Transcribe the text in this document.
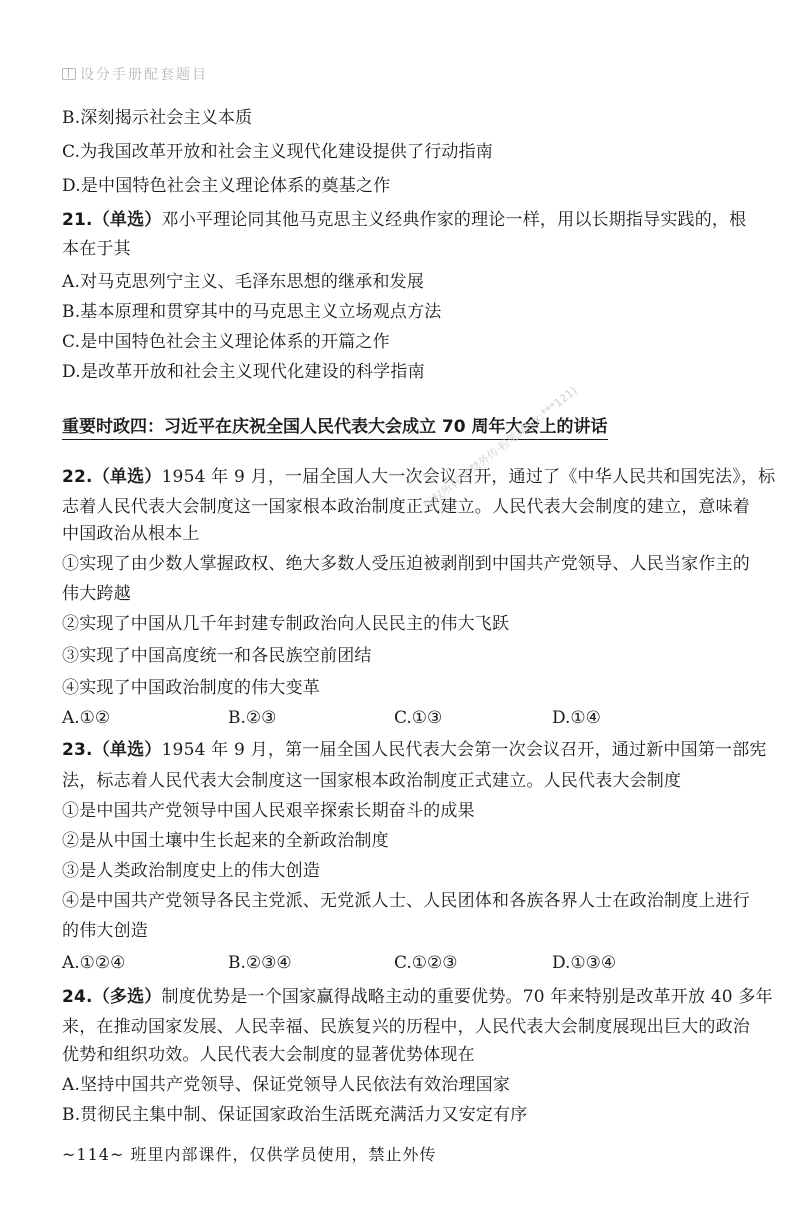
设分手册配套题目
B.深刻揭示社会主义本质
C.为我国改革开放和社会主义现代化建设提供了行动指南
D.是中国特色社会主义理论体系的奠基之作
21.（单选）邓小平理论同其他马克思主义经典作家的理论一样，用以长期指导实践的，根
本在于其
A.对马克思列宁主义、毛泽东思想的继承和发展
B.基本原理和贯穿其中的马克思主义立场观点方法
C.是中国特色社会主义理论体系的开篇之作
D.是改革开放和社会主义现代化建设的科学指南
重要时政四：习近平在庆祝全国人民代表大会成立 70 周年大会上的讲话
22.（单选）1954 年 9 月，一届全国人大一次会议召开，通过了《中华人民共和国宪法》，标
志着人民代表大会制度这一国家根本政治制度正式建立。人民代表大会制度的建立，意味着
中国政治从根本上
①实现了由少数人掌握政权、绝大多数人受压迫被剥削到中国共产党领导、人民当家作主的
伟大跨越
②实现了中国从几千年封建专制政治向人民民主的伟大飞跃
③实现了中国高度统一和各民族空前团结
④实现了中国政治制度的伟大变革
A.①②	B.②③	C.①③	D.①④
23.（单选）1954 年 9 月，第一届全国人民代表大会第一次会议召开，通过新中国第一部宪
法，标志着人民代表大会制度这一国家根本政治制度正式建立。人民代表大会制度
①是中国共产党领导中国人民艰辛探索长期奋斗的成果
②是从中国土壤中生长起来的全新政治制度
③是人类政治制度史上的伟大创造
④是中国共产党领导各民主党派、无党派人士、人民团体和各族各界人士在政治制度上进行
的伟大创造
A.①②④	B.②③④	C.①②③	D.①③④
24.（多选）制度优势是一个国家赢得战略主动的重要优势。70 年来特别是改革开放 40 多年
来，在推动国家发展、人民幸福、民族复兴的历程中，人民代表大会制度展现出巨大的政治
优势和组织功效。人民代表大会制度的显著优势体现在
A.坚持中国共产党领导、保证党领导人民依法有效治理国家
B.贯彻民主集中制、保证国家政治生活既充满活力又安定有序
版权所有·严禁外传·粉笔网(vx:***121)
~114~ 班里内部课件，仅供学员使用，禁止外传
